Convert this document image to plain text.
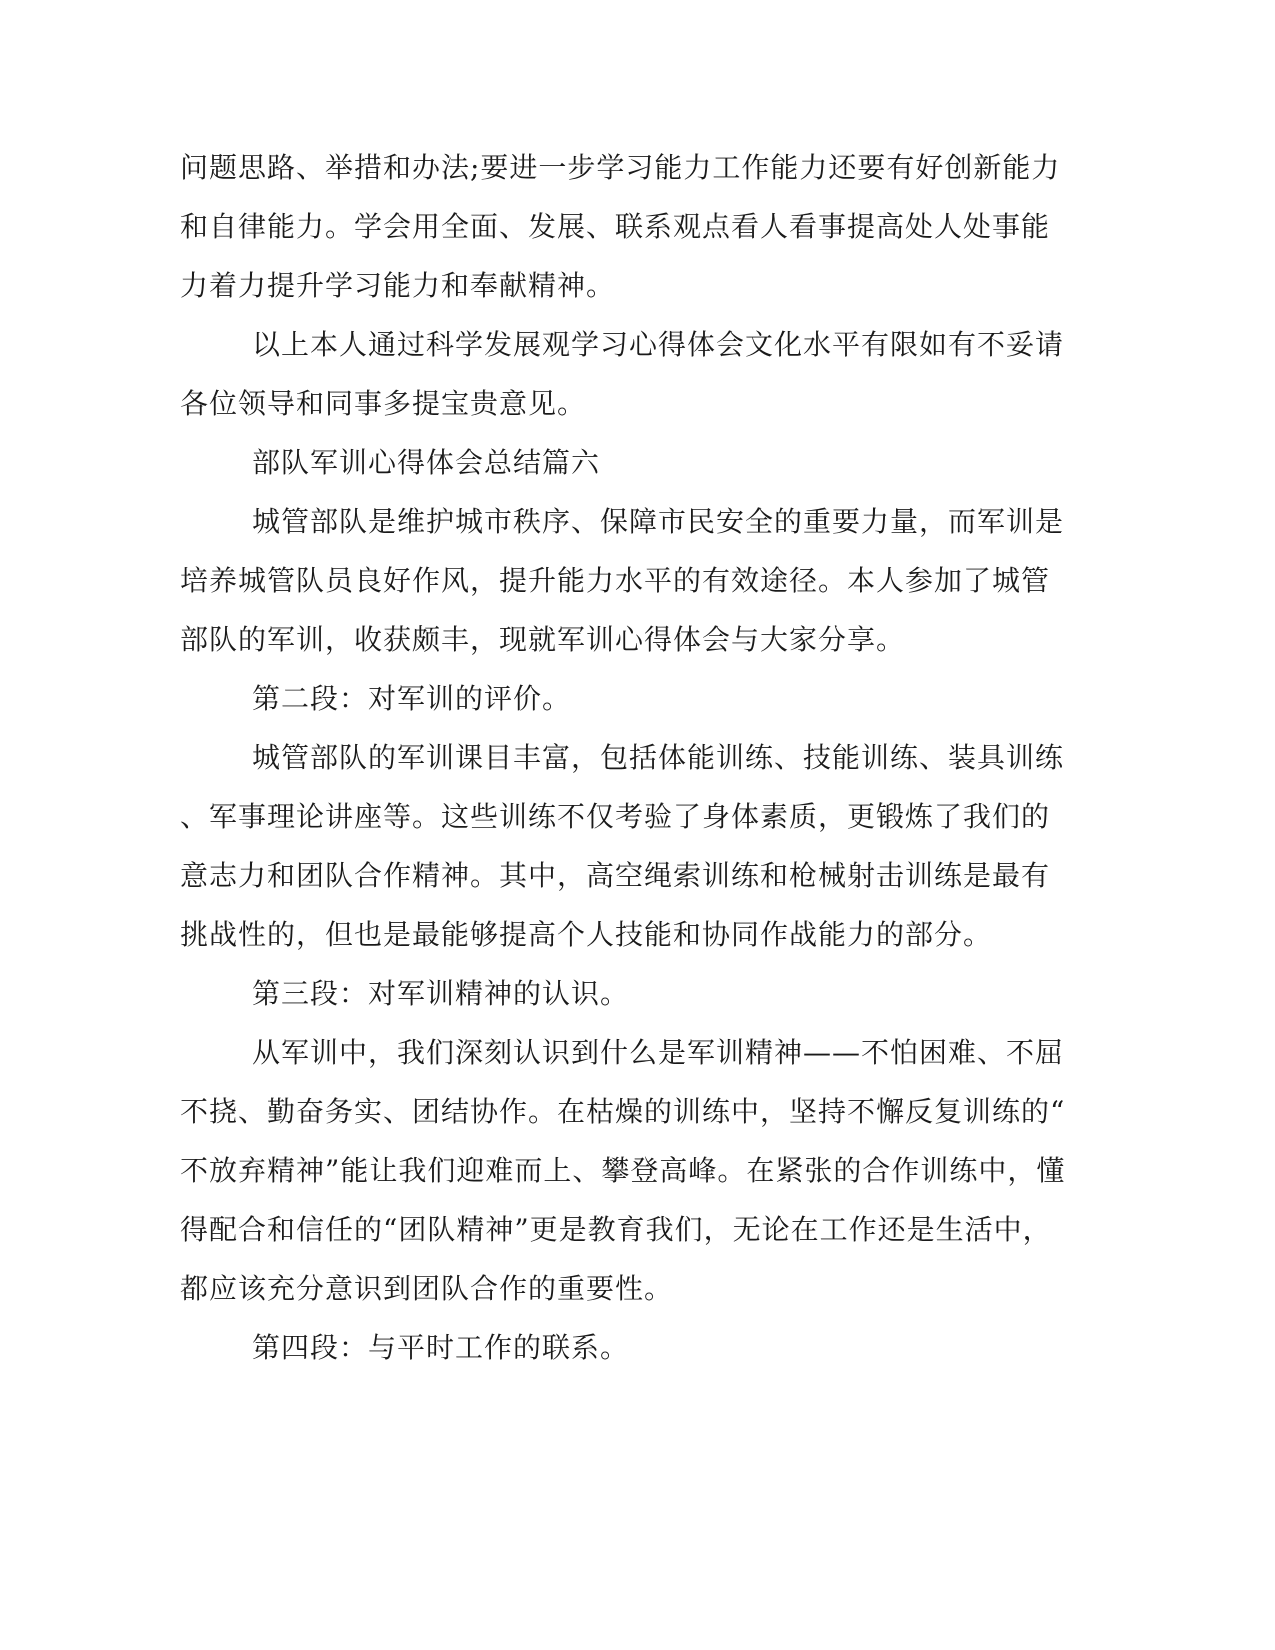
问题思路、举措和办法;要进一步学习能力工作能力还要有好创新能力
和自律能力。学会用全面、发展、联系观点看人看事提高处人处事能
力着力提升学习能力和奉献精神。
以上本人通过科学发展观学习心得体会文化水平有限如有不妥请
各位领导和同事多提宝贵意见。
部队军训心得体会总结篇六
城管部队是维护城市秩序、保障市民安全的重要力量，而军训是
培养城管队员良好作风，提升能力水平的有效途径。本人参加了城管
部队的军训，收获颇丰，现就军训心得体会与大家分享。
第二段：对军训的评价。
城管部队的军训课目丰富，包括体能训练、技能训练、装具训练
、军事理论讲座等。这些训练不仅考验了身体素质，更锻炼了我们的
意志力和团队合作精神。其中，高空绳索训练和枪械射击训练是最有
挑战性的，但也是最能够提高个人技能和协同作战能力的部分。
第三段：对军训精神的认识。
从军训中，我们深刻认识到什么是军训精神——不怕困难、不屈
不挠、勤奋务实、团结协作。在枯燥的训练中，坚持不懈反复训练的“
不放弃精神”能让我们迎难而上、攀登高峰。在紧张的合作训练中，懂
得配合和信任的“团队精神”更是教育我们，无论在工作还是生活中，
都应该充分意识到团队合作的重要性。
第四段：与平时工作的联系。
